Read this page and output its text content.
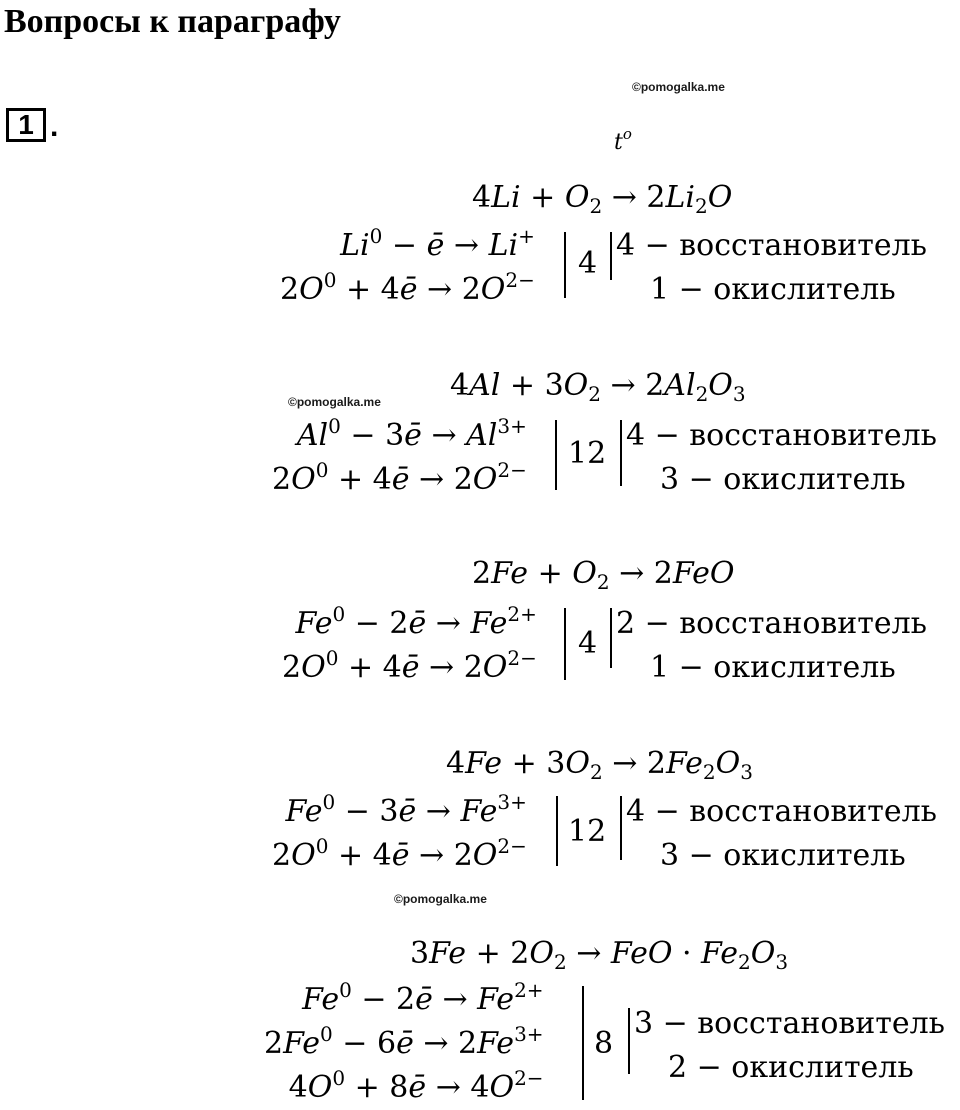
Вопросы к параграфу
©pomogalka.me
©pomogalka.me
©pomogalka.me
1 .	$t^o$
$4Li + O_2 \to 2Li_2O$
$Li^0$ − ē → Li+
$2O^0$ + 4ē → $2O^{2-}$ 4
4 − восстановитель
1 − окислитель
$4Al + 3O_2 \to 2Al_2O_3$
$Al^0$ − 3ē → $Al^{3+}$
$2O^0$ + 4ē → $2O^{2-}$ 12
4 − восстановитель
3 − окислитель
$2Fe + O_2 \to 2FeO$
$Fe^0$ − 2ē → $Fe^{2+}$
$2O^0$ + 4ē → $2O^{2-}$ 4
2 − восстановитель
1 − окислитель
$4Fe + 3O_2 \to 2Fe_2O_3$
$Fe^0$ − 3ē → $Fe^{3+}$
$2O^0$ + 4ē → $2O^{2-}$ 12
4 − восстановитель
3 − окислитель
$3Fe + 2O_2$ → FeO · $Fe_2O_3$
$Fe^0$ − 2ē → $Fe^{2+}$
$2Fe^0$ − 6ē → $2Fe^{3+}$
$4O^0$ + 8ē → $4O^{2-}$
8
3 − восстановитель
2 − окислитель
